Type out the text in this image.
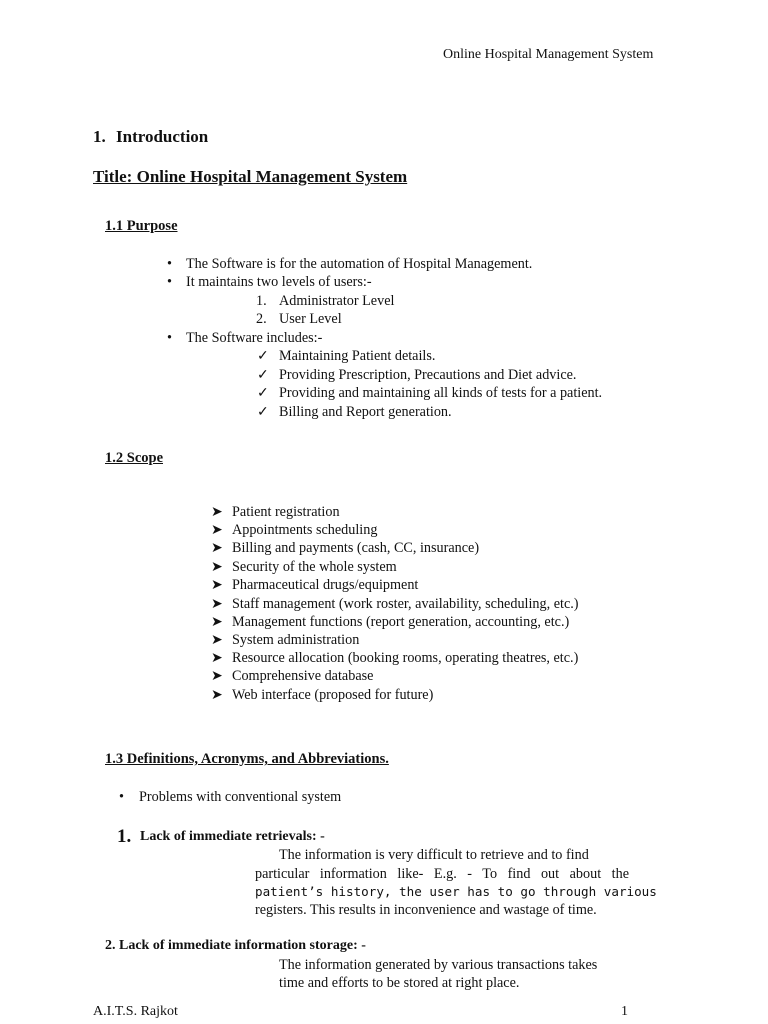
Online Hospital Management System
1. Introduction
Title: Online Hospital Management System
1.1 Purpose
• The Software is for the automation of Hospital Management.
• It maintains two levels of users:-
1. Administrator Level
2. User Level
• The Software includes:-
✓ Maintaining Patient details.
✓ Providing Prescription, Precautions and Diet advice.
✓ Providing and maintaining all kinds of tests for a patient.
✓ Billing and Report generation.
1.2 Scope
➤ Patient registration
➤ Appointments scheduling
➤ Billing and payments (cash, CC, insurance)
➤ Security of the whole system
➤ Pharmaceutical drugs/equipment
➤ Staff management (work roster, availability, scheduling, etc.)
➤ Management functions (report generation, accounting, etc.)
➤ System administration
➤ Resource allocation (booking rooms, operating theatres, etc.)
➤ Comprehensive database
➤ Web interface (proposed for future)
1.3 Definitions, Acronyms, and Abbreviations.
• Problems with conventional system
1. Lack of immediate retrievals: -
The information is very difficult to retrieve and to find
particular information like- E.g. - To find out about the
patient’s history, the user has to go through various
registers. This results in inconvenience and wastage of time.
2. Lack of immediate information storage: -
The information generated by various transactions takes
time and efforts to be stored at right place.
A.I.T.S. Rajkot	1
